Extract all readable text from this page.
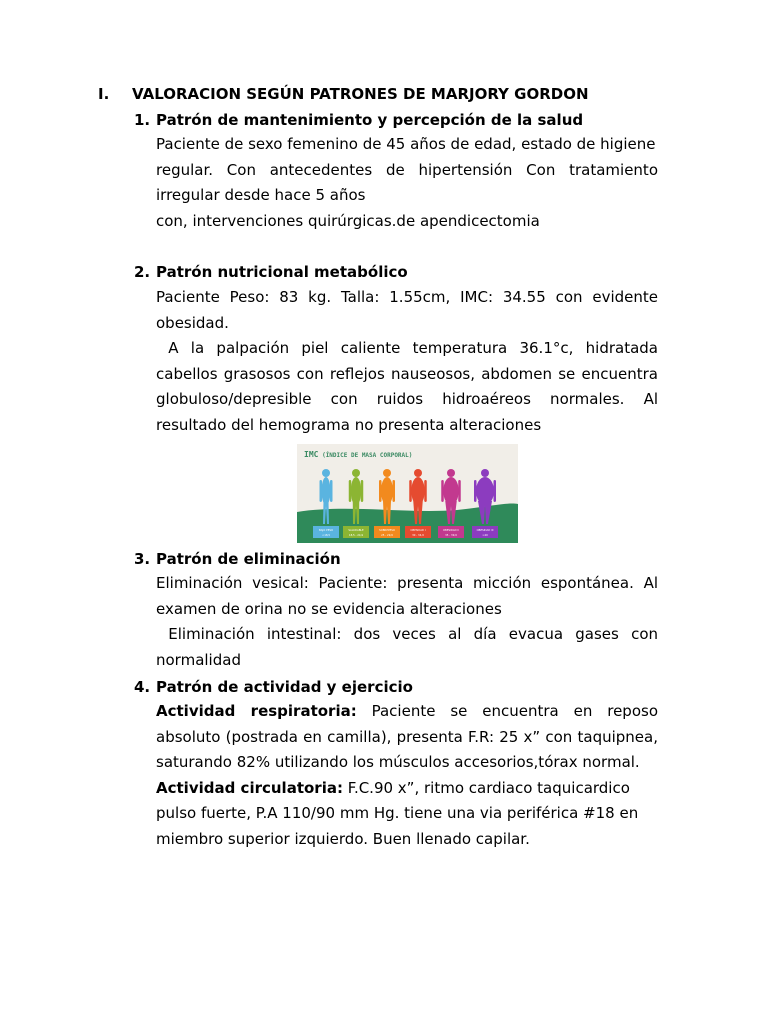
I. VALORACION SEGÚN PATRONES DE MARJORY GORDON
1. Patrón de mantenimiento y percepción de la salud

Paciente de sexo femenino de 45 años de edad, estado de higiene

regular. Con antecedentes de hipertensión Con tratamiento irregular desde hace 5 años

con, intervenciones quirúrgicas.de apendicectomia

2. Patrón nutricional metabólico

Paciente Peso: 83 kg. Talla: 1.55cm, IMC: 34.55 con evidente obesidad.

A la palpación piel caliente temperatura 36.1°c, hidratada cabellos grasosos con reflejos nauseosos, abdomen se encuentra globuloso/depresible con ruidos hidroaéreos normales. Al resultado del hemograma no presenta alteraciones

BAJO PESO
<18,5
SALUDABLE
18,5 - 24,9
SOBREPESO
25 - 29,9
OBESIDAD I
30 - 34,9
OBESIDAD II
35 - 39,9
OBESIDAD III
>40
IMC (ÍNDICE DE MASA CORPORAL)
3. Patrón de eliminación

Eliminación vesical: Paciente: presenta micción espontánea. Al examen de orina no se evidencia alteraciones

Eliminación intestinal: dos veces al día evacua gases con normalidad

4. Patrón de actividad y ejercicio

Actividad respiratoria: Paciente se encuentra en reposo absoluto (postrada en camilla), presenta F.R: 25 x” con taquipnea, saturando 82% utilizando los músculos accesorios,tórax normal.

Actividad circulatoria: F.C.90 x”, ritmo cardiaco taquicardico pulso fuerte, P.A 110/90 mm Hg. tiene una via periférica #18 en miembro superior izquierdo. Buen llenado capilar.
